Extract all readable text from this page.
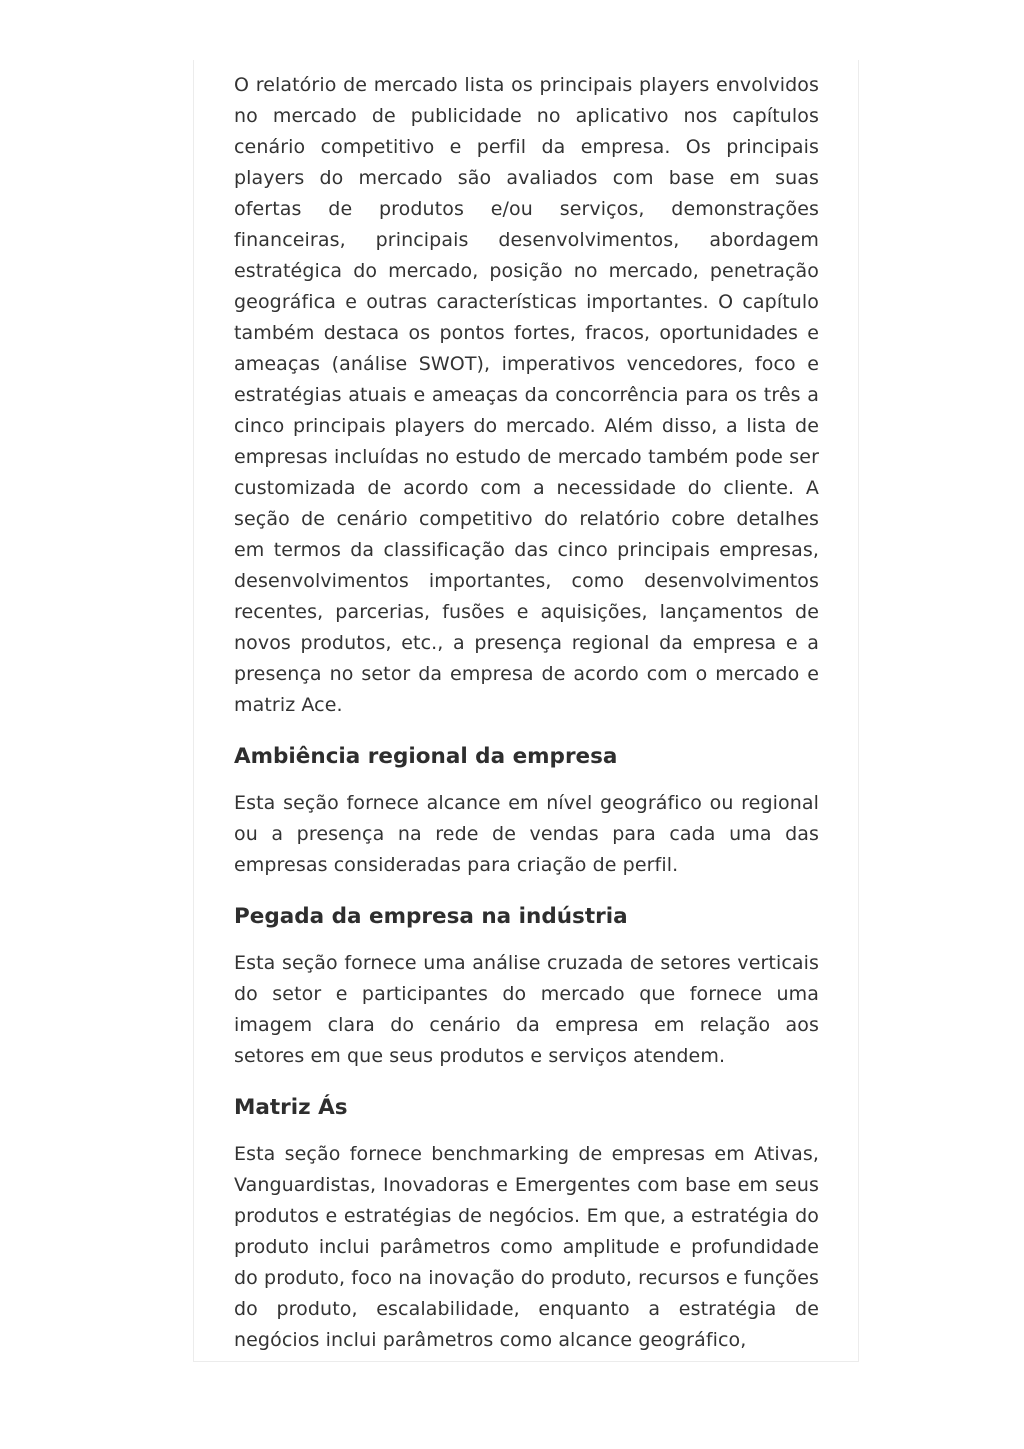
O relatório de mercado lista os principais players envolvidos no mercado de publicidade no aplicativo nos capítulos cenário competitivo e perfil da empresa. Os principais players do mercado são avaliados com base em suas ofertas de produtos e/ou serviços, demonstrações financeiras, principais desenvolvimentos, abordagem estratégica do mercado, posição no mercado, penetração geográfica e outras características importantes. O capítulo também destaca os pontos fortes, fracos, oportunidades e ameaças (análise SWOT), imperativos vencedores, foco e estratégias atuais e ameaças da concorrência para os três a cinco principais players do mercado. Além disso, a lista de empresas incluídas no estudo de mercado também pode ser customizada de acordo com a necessidade do cliente. A seção de cenário competitivo do relatório cobre detalhes em termos da classificação das cinco principais empresas, desenvolvimentos importantes, como desenvolvimentos recentes, parcerias, fusões e aquisições, lançamentos de novos produtos, etc., a presença regional da empresa e a presença no setor da empresa de acordo com o mercado e matriz Ace.

Ambiência regional da empresa

Esta seção fornece alcance em nível geográfico ou regional ou a presença na rede de vendas para cada uma das empresas consideradas para criação de perfil.

Pegada da empresa na indústria

Esta seção fornece uma análise cruzada de setores verticais do setor e participantes do mercado que fornece uma imagem clara do cenário da empresa em relação aos setores em que seus produtos e serviços atendem.

Matriz Ás

Esta seção fornece benchmarking de empresas em Ativas, Vanguardistas, Inovadoras e Emergentes com base em seus produtos e estratégias de negócios. Em que, a estratégia do produto inclui parâmetros como amplitude e profundidade do produto, foco na inovação do produto, recursos e funções do produto, escalabilidade, enquanto a estratégia de negócios inclui parâmetros como alcance geográfico,
